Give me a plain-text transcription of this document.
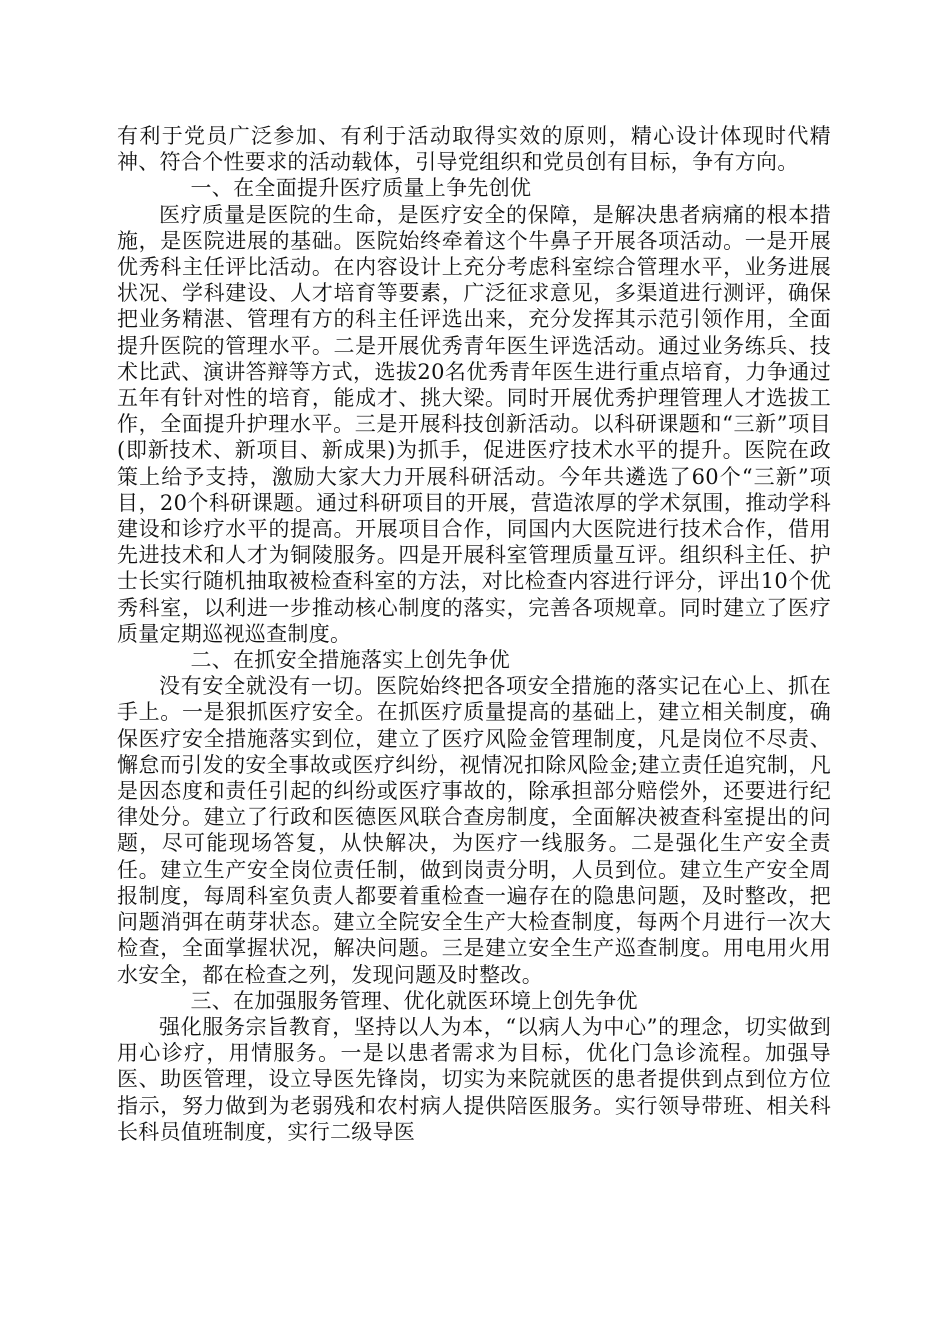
有利于党员广泛参加、有利于活动取得实效的原则，精心设计体现时代精神、符合个性要求的活动载体，引导党组织和党员创有目标，争有方向。

一、在全面提升医疗质量上争先创优

医疗质量是医院的生命，是医疗安全的保障，是解决患者病痛的根本措施，是医院进展的基础。医院始终牵着这个牛鼻子开展各项活动。一是开展优秀科主任评比活动。在内容设计上充分考虑科室综合管理水平，业务进展状况、学科建设、人才培育等要素，广泛征求意见，多渠道进行测评，确保把业务精湛、管理有方的科主任评选出来，充分发挥其示范引领作用，全面提升医院的管理水平。二是开展优秀青年医生评选活动。通过业务练兵、技术比武、演讲答辩等方式，选拔20名优秀青年医生进行重点培育，力争通过五年有针对性的培育，能成才、挑大梁。同时开展优秀护理管理人才选拔工作，全面提升护理水平。三是开展科技创新活动。以科研课题和“三新”项目(即新技术、新项目、新成果)为抓手，促进医疗技术水平的提升。医院在政策上给予支持，激励大家大力开展科研活动。今年共遴选了60个“三新”项目，20个科研课题。通过科研项目的开展，营造浓厚的学术氛围，推动学科建设和诊疗水平的提高。开展项目合作，同国内大医院进行技术合作，借用先进技术和人才为铜陵服务。四是开展科室管理质量互评。组织科主任、护士长实行随机抽取被检查科室的方法，对比检查内容进行评分，评出10个优秀科室，以利进一步推动核心制度的落实，完善各项规章。同时建立了医疗质量定期巡视巡查制度。

二、在抓安全措施落实上创先争优

没有安全就没有一切。医院始终把各项安全措施的落实记在心上、抓在手上。一是狠抓医疗安全。在抓医疗质量提高的基础上，建立相关制度，确保医疗安全措施落实到位，建立了医疗风险金管理制度，凡是岗位不尽责、懈怠而引发的安全事故或医疗纠纷，视情况扣除风险金;建立责任追究制，凡是因态度和责任引起的纠纷或医疗事故的，除承担部分赔偿外，还要进行纪律处分。建立了行政和医德医风联合查房制度，全面解决被查科室提出的问题，尽可能现场答复，从快解决，为医疗一线服务。二是强化生产安全责任。建立生产安全岗位责任制，做到岗责分明，人员到位。建立生产安全周报制度，每周科室负责人都要着重检查一遍存在的隐患问题，及时整改，把问题消弭在萌芽状态。建立全院安全生产大检查制度，每两个月进行一次大检查，全面掌握状况，解决问题。三是建立安全生产巡查制度。用电用火用水安全，都在检查之列，发现问题及时整改。

三、在加强服务管理、优化就医环境上创先争优

强化服务宗旨教育，坚持以人为本，“以病人为中心”的理念，切实做到用心诊疗，用情服务。一是以患者需求为目标，优化门急诊流程。加强导医、助医管理，设立导医先锋岗，切实为来院就医的患者提供到点到位方位指示，努力做到为老弱残和农村病人提供陪医服务。实行领导带班、相关科长科员值班制度，实行二级导医
